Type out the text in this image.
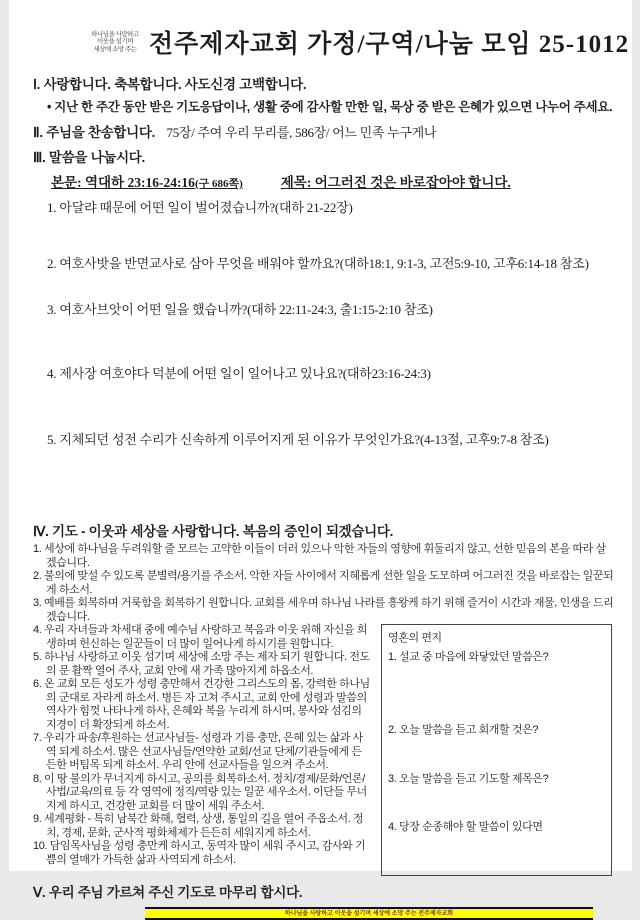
하나님을 사랑하고
이웃을 섬기며
세상에 소망 주는 전주제자교회 가정/구역/나눔 모임 25-1012
Ⅰ. 사랑합니다. 축복합니다. 사도신경 고백합니다.
• 지난 한 주간 동안 받은 기도응답이나, 생활 중에 감사할 만한 일, 묵상 중 받은 은혜가 있으면 나누어 주세요.
Ⅱ. 주님을 찬송합니다. 75장/ 주여 우리 무리를, 586장/ 어느 민족 누구게나
Ⅲ. 말씀을 나눕시다.
본문: 역대하 23:16-24:16(구 686쪽)	제목: 어그러진 것은 바로잡아야 합니다.
1. 아달랴 때문에 어떤 일이 벌어졌습니까?(대하 21-22장)
2. 여호사밧을 반면교사로 삼아 무엇을 배워야 할까요?(대하18:1, 9:1-3, 고전5:9-10, 고후6:14-18 참조)
3. 여호사브앗이 어떤 일을 했습니까?(대하 22:11-24:3, 출1:15-2:10 참조)
4. 제사장 여호야다 덕분에 어떤 일이 일어나고 있나요?(대하23:16-24:3)
5. 지체되던 성전 수리가 신속하게 이루어지게 된 이유가 무엇인가요?(4-13절, 고후9:7-8 참조)
Ⅳ. 기도 - 이웃과 세상을 사랑합니다. 복음의 증인이 되겠습니다.
1. 세상에 하나님을 두려워할 줄 모르는 고약한 이들이 더러 있으나 악한 자들의 영향에 휘둘리지 않고, 선한 믿음의 본을 따라 살겠습니다.
2. 불의에 맞설 수 있도록 분별력/용기를 주소서. 악한 자들 사이에서 지혜롭게 선한 일을 도모하며 어그러진 것을 바로잡는 일꾼되게 하소서.
3. 예배를 회복하며 거룩함을 회복하기 원합니다. 교회를 세우며 하나님 나라를 흥왕케 하기 위해 즐거이 시간과 재물, 인생을 드리겠습니다.
4. 우리 자녀들과 차세대 중에 예수님 사랑하고 복음과 이웃 위해 자신을 희생하며 헌신하는 일꾼들이 더 많이 일어나게 하시기를 원합니다.
5. 하나님 사랑하고 이웃 섬기며 세상에 소망 주는 제자 되기 원합니다. 전도의 문 활짝 열어 주사, 교회 안에 새 가족 많아지게 하옵소서.
6. 온 교회 모든 성도가 성령 충만해서 건강한 그리스도의 몸, 강력한 하나님의 군대로 자라게 하소서. 병든 자 고쳐 주시고, 교회 안에 성령과 말씀의 역사가 힘껏 나타나게 하사, 은혜와 복을 누리게 하시며, 봉사와 섬김의 지경이 더 확장되게 하소서.
7. 우리가 파송/후원하는 선교사님들- 성령과 기름 충만, 은혜 있는 삶과 사역 되게 하소서. 많은 선교사님들/연약한 교회/선교 단체/기관들에게 든든한 버팀목 되게 하소서. 우리 안에 선교사들을 일으켜 주소서.
8. 이 땅 불의가 무너지게 하시고, 공의를 회복하소서. 정치/경제/문화/언론/사법/교육/의료 등 각 영역에 정직/역량 있는 일꾼 세우소서. 이단들 무너지게 하시고, 건강한 교회를 더 많이 세워 주소서.
9. 세계평화 - 특히 남북간 화해, 협력, 상생, 통일의 길을 열어 주옵소서. 정치, 경제, 문화, 군사적 평화체제가 든든히 세워지게 하소서.
10. 담임목사님을 성령 충만케 하시고, 동역자 많이 세워 주시고, 감사와 기쁨의 열매가 가득한 삶과 사역되게 하소서.
영혼의 편지
1. 설교 중 마음에 와닿았던 말씀은?
2. 오늘 말씀을 듣고 회개할 것은?
3. 오늘 말씀을 듣고 기도할 제목은?
4. 당장 순종해야 할 말씀이 있다면
Ⅴ. 우리 주님 가르쳐 주신 기도로 마무리 합시다.
하나님을 사랑하고 이웃을 섬기며 세상에 소망 주는 전주제자교회
